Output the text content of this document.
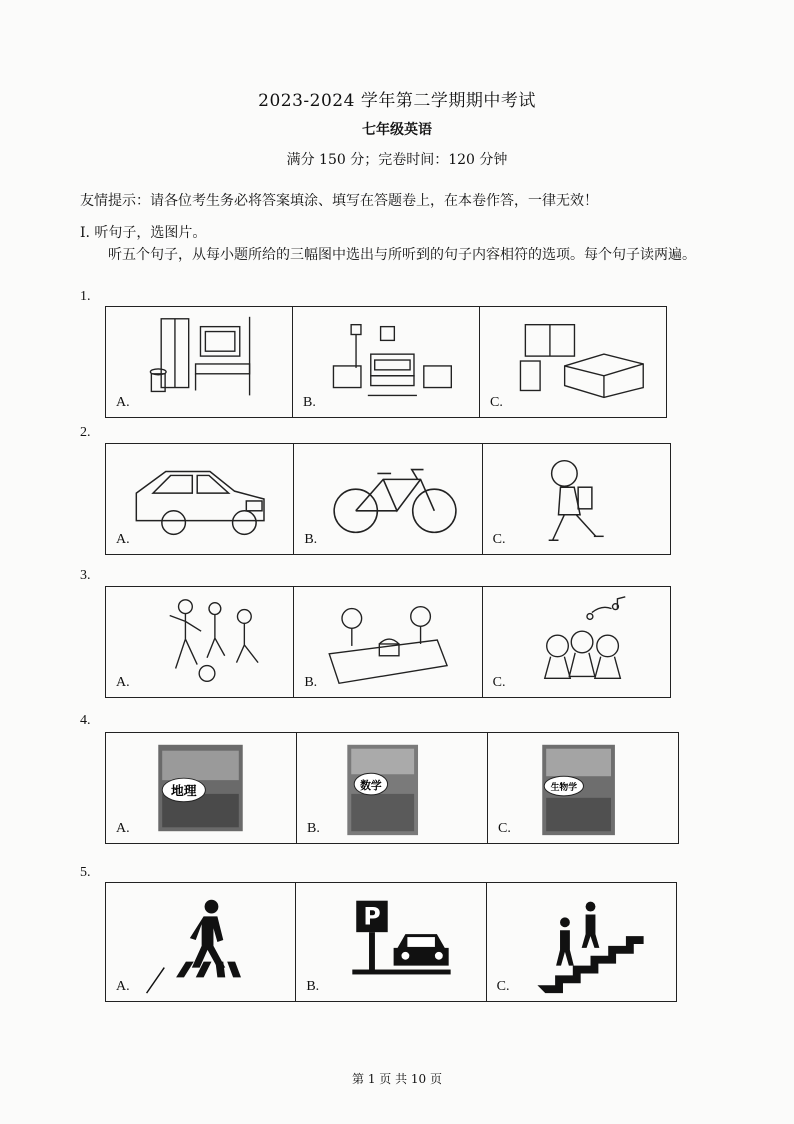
2023-2024 学年第二学期期中考试
七年级英语
满分 150 分；完卷时间：120 分钟
友情提示：请各位考生务必将答案填涂、填写在答题卷上，在本卷作答，一律无效！
Ⅰ. 听句子，选图片。
听五个句子，从每小题所给的三幅图中选出与所听到的句子内容相符的选项。每个句子读两遍。
1.
A.	B.	C.
2.
A.	B.	C.
3.
A.	B.	C.
4.
地理
A.
数学
B.
生物学
C.
5.
A.
P
B.	C.
第 1 页 共 10 页
